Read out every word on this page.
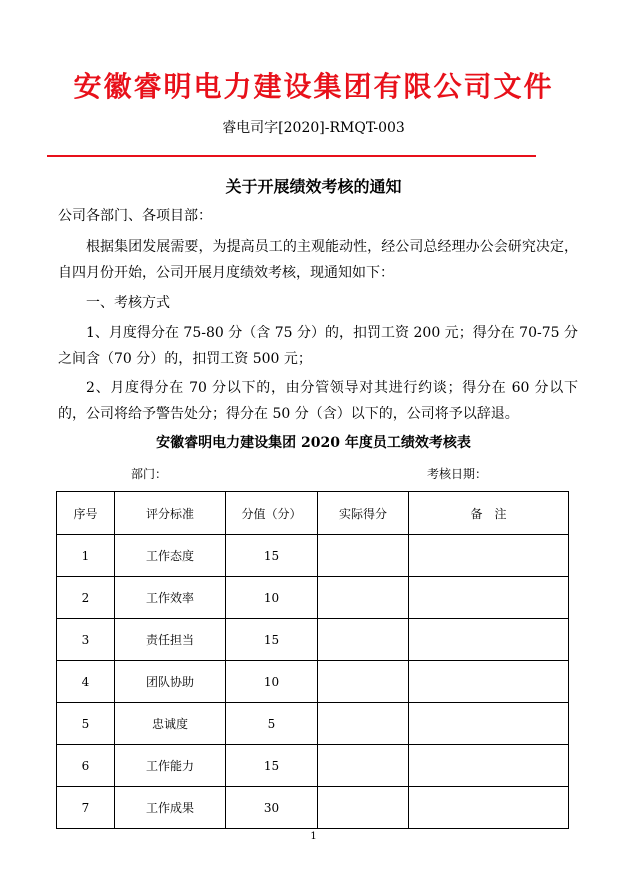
安徽睿明电力建设集团有限公司文件
睿电司字[2020]-RMQT-003
关于开展绩效考核的通知

公司各部门、各项目部：

根据集团发展需要，为提高员工的主观能动性，经公司总经理办公会研究决定，自四月份开始，公司开展月度绩效考核，现通知如下：

一、考核方式

1、月度得分在 75-80 分（含 75 分）的，扣罚工资 200 元；得分在 70-75 分之间含（70 分）的，扣罚工资 500 元；

2、月度得分在 70 分以下的，由分管领导对其进行约谈；得分在 60 分以下的，公司将给予警告处分；得分在 50 分（含）以下的，公司将予以辞退。

安徽睿明电力建设集团 2020 年度员工绩效考核表
部门：	考核日期：
序号	评分标准	分值（分）	实际得分	备　注
1	工作态度	15		
2	工作效率	10		
3	责任担当	15		
4	团队协助	10		
5	忠诚度	5		
6	工作能力	15		
7	工作成果	30		
1
